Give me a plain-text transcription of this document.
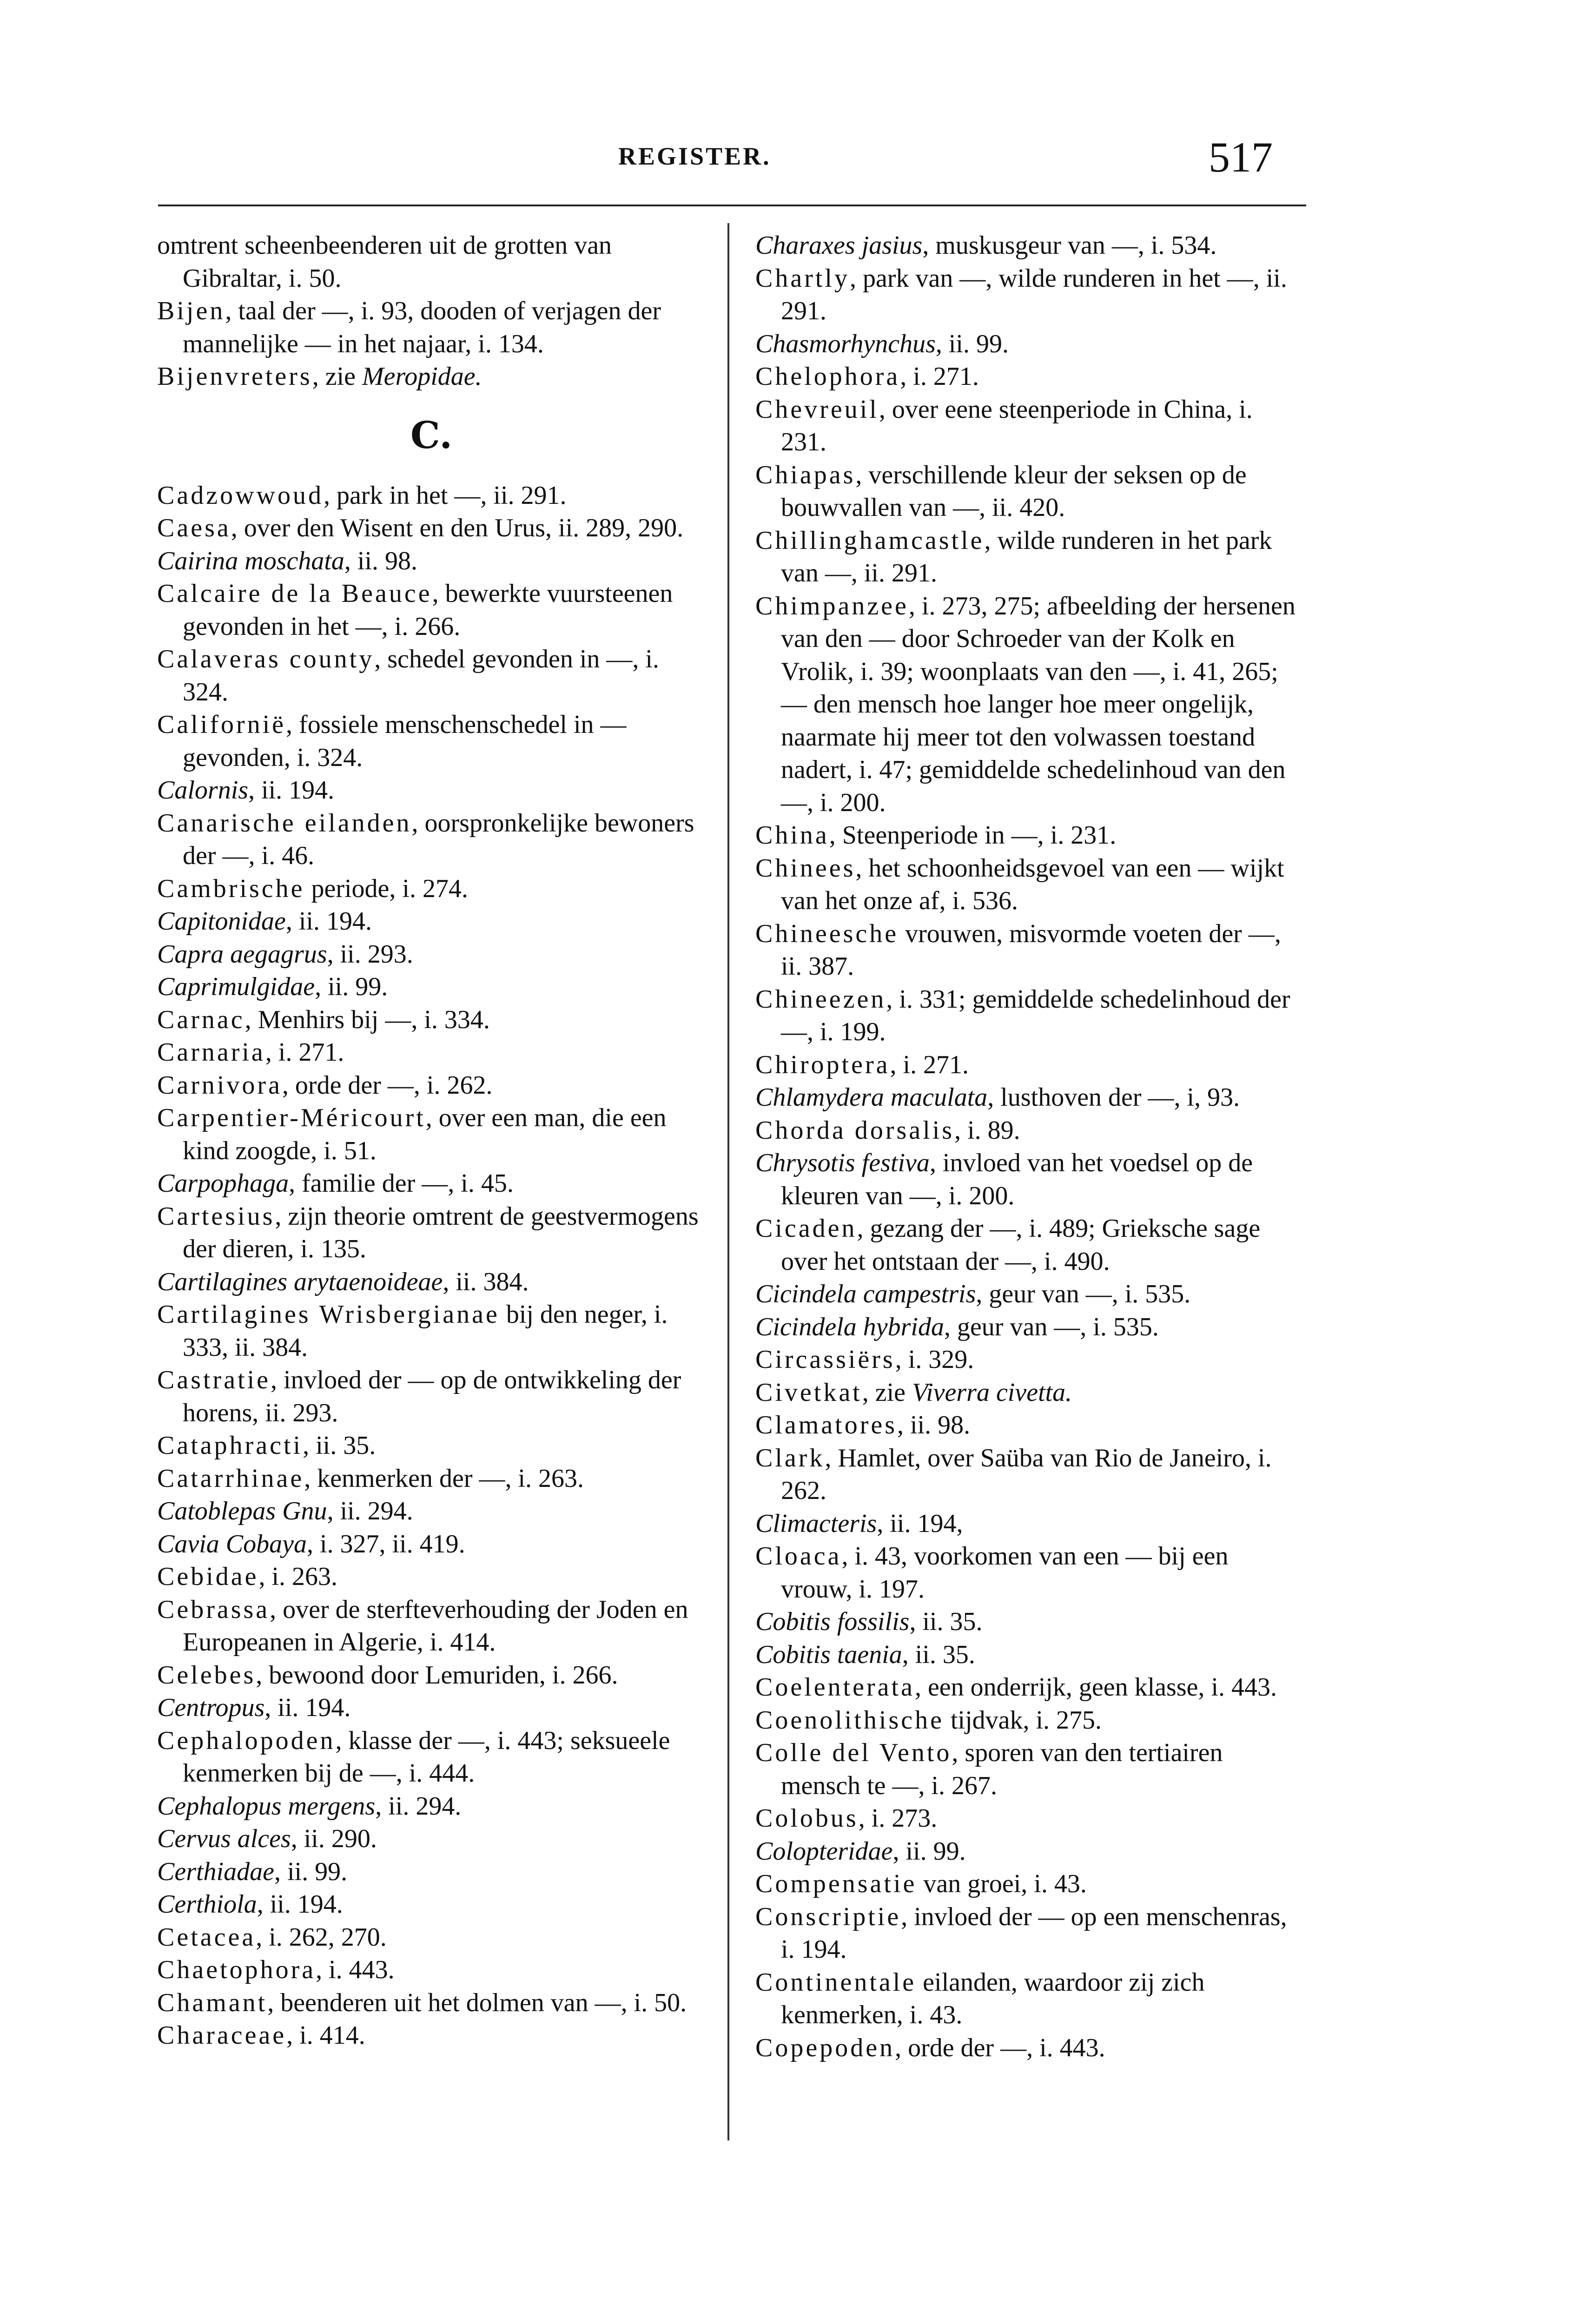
REGISTER.	517

omtrent scheenbeenderen uit de grotten van Gibraltar, i. 50.

Bijen, taal der —, i. 93, dooden of verjagen der mannelijke — in het najaar, i. 134.

Bijenvreters, zie Meropidae.

C.

Cadzowwoud, park in het —, ii. 291.

Caesa, over den Wisent en den Urus, ii. 289, 290.

Cairina moschata, ii. 98.

Calcaire de la Beauce, bewerkte vuursteenen gevonden in het —, i. 266.

Calaveras county, schedel gevonden in —, i. 324.

Californië, fossiele menschenschedel in — gevonden, i. 324.

Calornis, ii. 194.

Canarische eilanden, oorspronkelijke bewoners der —, i. 46.

Cambrische periode, i. 274.

Capitonidae, ii. 194.

Capra aegagrus, ii. 293.

Caprimulgidae, ii. 99.

Carnac, Menhirs bij —, i. 334.

Carnaria, i. 271.

Carnivora, orde der —, i. 262.

Carpentier-Méricourt, over een man, die een kind zoogde, i. 51.

Carpophaga, familie der —, i. 45.

Cartesius, zijn theorie omtrent de geestvermogens der dieren, i. 135.

Cartilagines arytaenoideae, ii. 384.

Cartilagines Wrisbergianae bij den neger, i. 333, ii. 384.

Castratie, invloed der — op de ontwikkeling der horens, ii. 293.

Cataphracti, ii. 35.

Catarrhinae, kenmerken der —, i. 263.

Catoblepas Gnu, ii. 294.

Cavia Cobaya, i. 327, ii. 419.

Cebidae, i. 263.

Cebrassa, over de sterfteverhouding der Joden en Europeanen in Algerie, i. 414.

Celebes, bewoond door Lemuriden, i. 266.

Centropus, ii. 194.

Cephalopoden, klasse der —, i. 443; seksueele kenmerken bij de —, i. 444.

Cephalopus mergens, ii. 294.

Cervus alces, ii. 290.

Certhiadae, ii. 99.

Certhiola, ii. 194.

Cetacea, i. 262, 270.

Chaetophora, i. 443.

Chamant, beenderen uit het dolmen van —, i. 50.

Characeae, i. 414.

Charaxes jasius, muskusgeur van —, i. 534.

Chartly, park van —, wilde runderen in het —, ii. 291.

Chasmorhynchus, ii. 99.

Chelophora, i. 271.

Chevreuil, over eene steenperiode in China, i. 231.

Chiapas, verschillende kleur der seksen op de bouwvallen van —, ii. 420.

Chillinghamcastle, wilde runderen in het park van —, ii. 291.

Chimpanzee, i. 273, 275; afbeelding der hersenen van den — door Schroeder van der Kolk en Vrolik, i. 39; woonplaats van den —, i. 41, 265; — den mensch hoe langer hoe meer ongelijk, naarmate hij meer tot den volwassen toestand nadert, i. 47; gemiddelde schedelinhoud van den —, i. 200.

China, Steenperiode in —, i. 231.

Chinees, het schoonheidsgevoel van een — wijkt van het onze af, i. 536.

Chineesche vrouwen, misvormde voeten der —, ii. 387.

Chineezen, i. 331; gemiddelde schedelinhoud der —, i. 199.

Chiroptera, i. 271.

Chlamydera maculata, lusthoven der —, i, 93.

Chorda dorsalis, i. 89.

Chrysotis festiva, invloed van het voedsel op de kleuren van —, i. 200.

Cicaden, gezang der —, i. 489; Grieksche sage over het ontstaan der —, i. 490.

Cicindela campestris, geur van —, i. 535.

Cicindela hybrida, geur van —, i. 535.

Circassiërs, i. 329.

Civetkat, zie Viverra civetta.

Clamatores, ii. 98.

Clark, Hamlet, over Saüba van Rio de Janeiro, i. 262.

Climacteris, ii. 194,

Cloaca, i. 43, voorkomen van een — bij een vrouw, i. 197.

Cobitis fossilis, ii. 35.

Cobitis taenia, ii. 35.

Coelenterata, een onderrijk, geen klasse, i. 443.

Coenolithische tijdvak, i. 275.

Colle del Vento, sporen van den tertiairen mensch te —, i. 267.

Colobus, i. 273.

Colopteridae, ii. 99.

Compensatie van groei, i. 43.

Conscriptie, invloed der — op een menschenras, i. 194.

Continentale eilanden, waardoor zij zich kenmerken, i. 43.

Copepoden, orde der —, i. 443.
